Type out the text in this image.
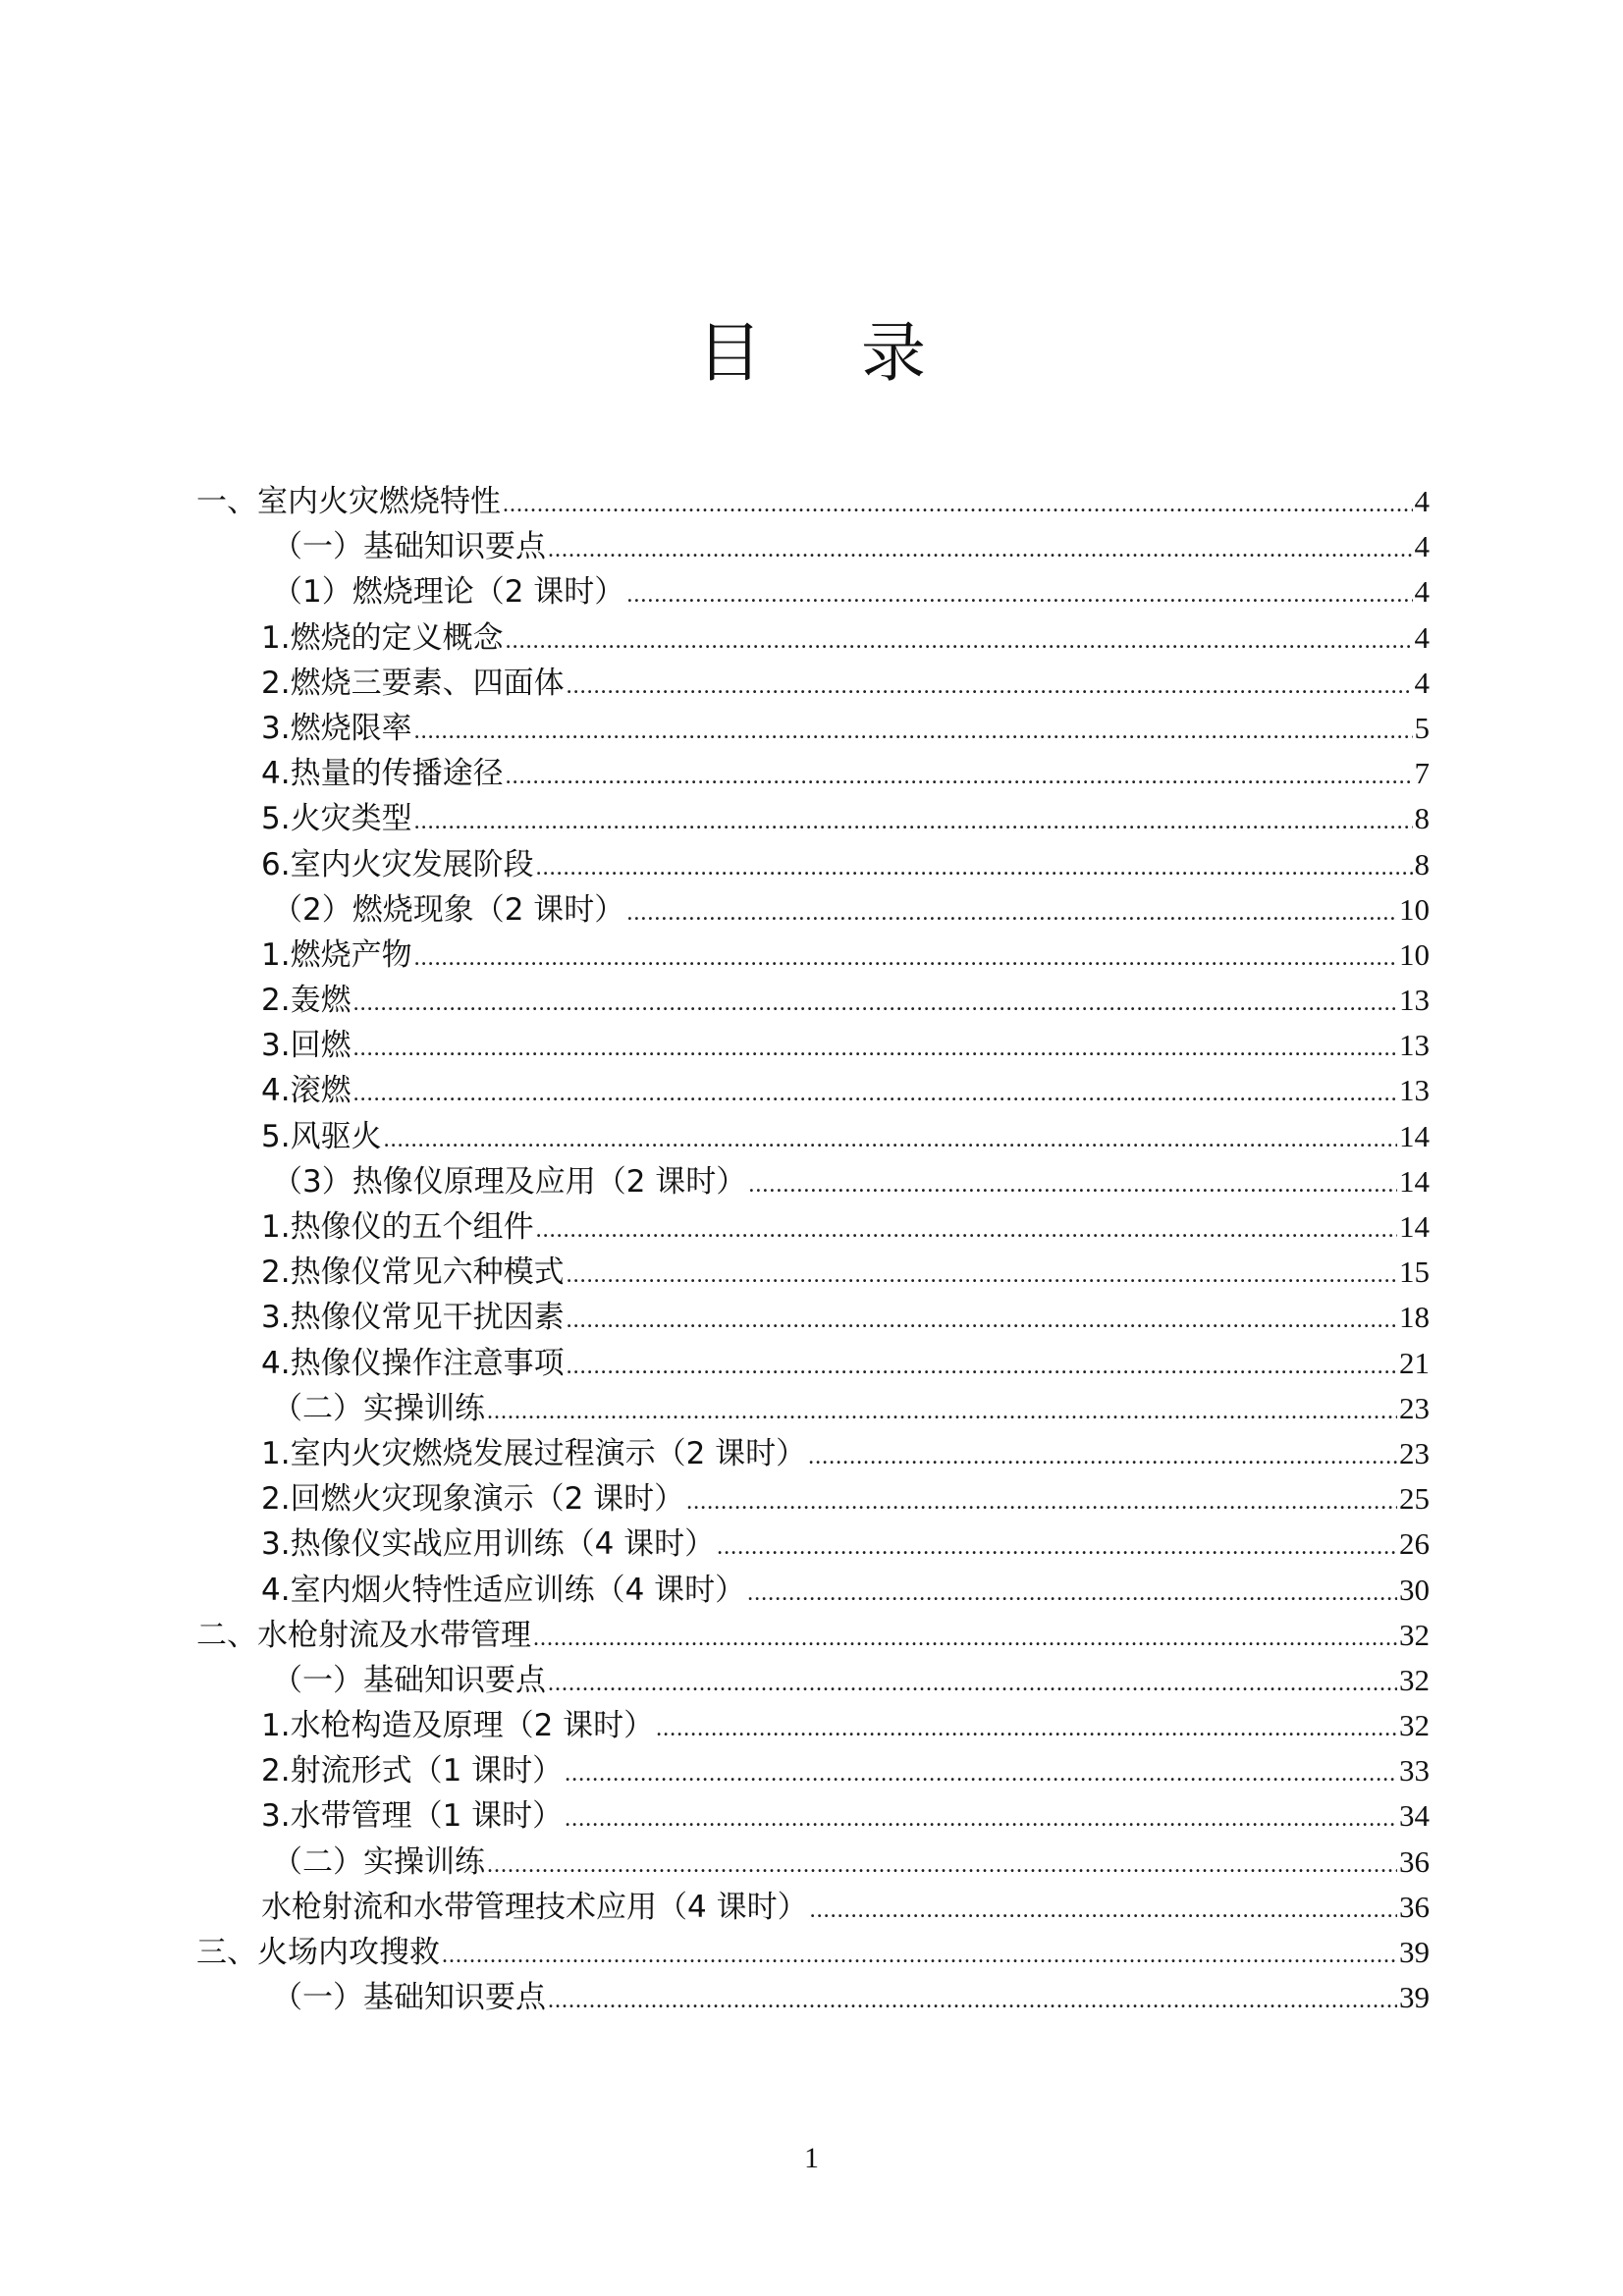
目 录
一、室内火灾燃烧特性 .....	4
（一）基础知识要点 .....	4
（1）燃烧理论（2 课时） .....	4
1.燃烧的定义概念 .....	4
2.燃烧三要素、四面体 .....	4
3.燃烧限率 .....	5
4.热量的传播途径 .....	7
5.火灾类型 .....	8
6.室内火灾发展阶段 .....	8
（2）燃烧现象（2 课时） .....	10
1.燃烧产物 .....	10
2.轰燃 .....	13
3.回燃 .....	13
4.滚燃 .....	13
5.风驱火 .....	14
（3）热像仪原理及应用（2 课时） .....	14
1.热像仪的五个组件 .....	14
2.热像仪常见六种模式 .....	15
3.热像仪常见干扰因素 .....	18
4.热像仪操作注意事项 .....	21
（二）实操训练 .....	23
1.室内火灾燃烧发展过程演示（2 课时） .....	23
2.回燃火灾现象演示（2 课时） .....	25
3.热像仪实战应用训练（4 课时） .....	26
4.室内烟火特性适应训练（4 课时） .....	30
二、水枪射流及水带管理 .....	32
（一）基础知识要点 .....	32
1.水枪构造及原理（2 课时） .....	32
2.射流形式（1 课时） .....	33
3.水带管理（1 课时） .....	34
（二）实操训练 .....	36
水枪射流和水带管理技术应用（4 课时） .....	36
三、火场内攻搜救 .....	39
（一）基础知识要点 .....	39
1
